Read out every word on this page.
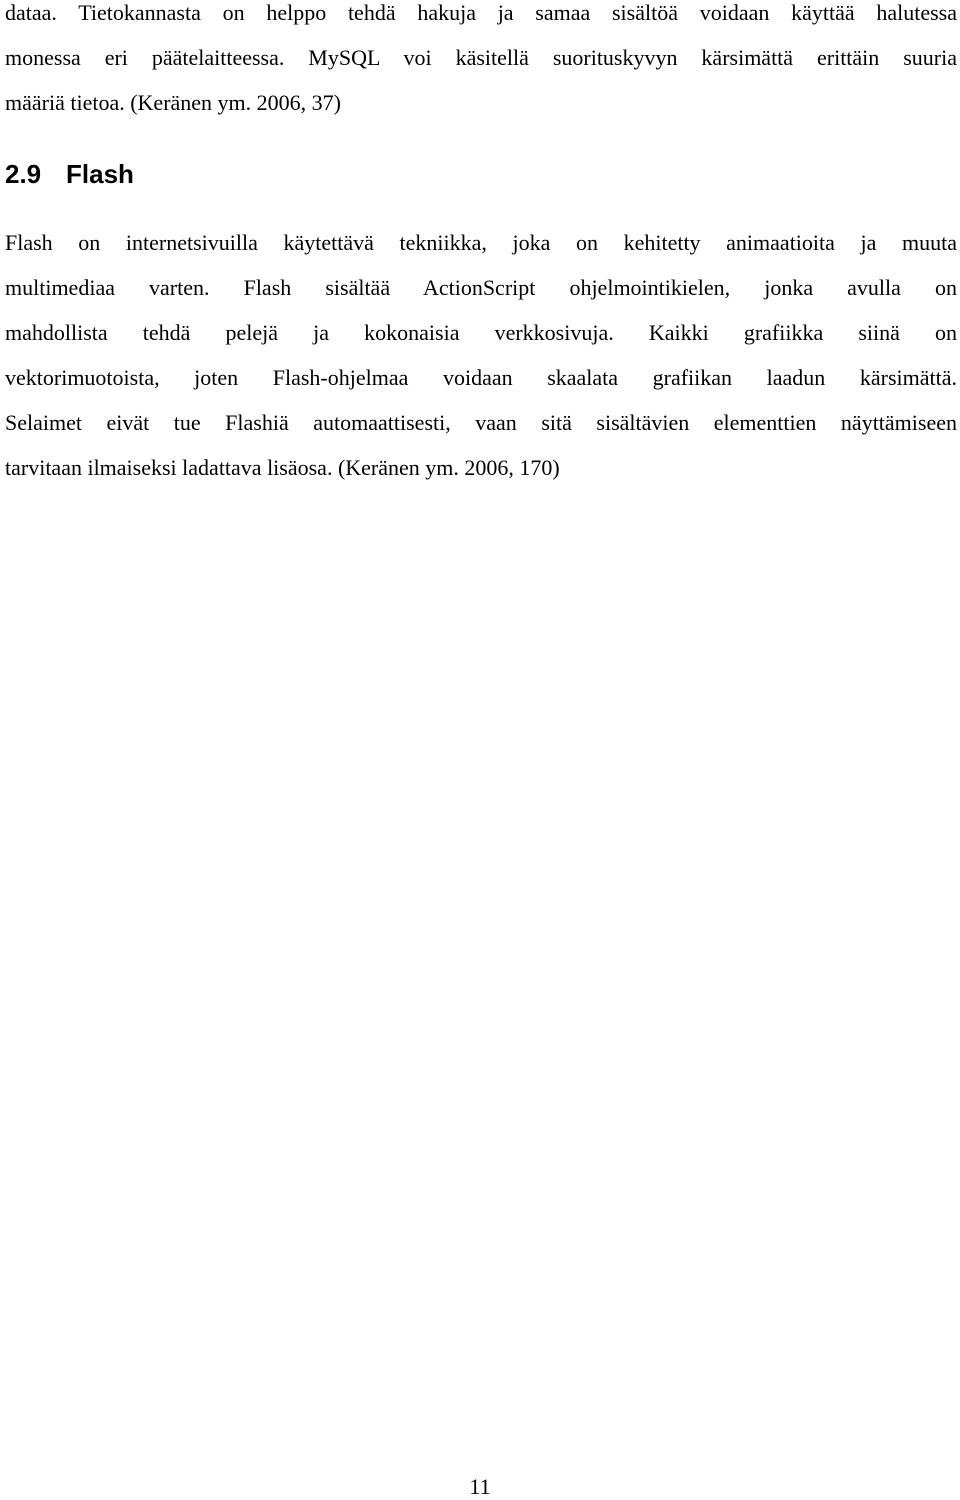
dataa. Tietokannasta on helppo tehdä hakuja ja samaa sisältöä voidaan käyttää halutessa
monessa eri päätelaitteessa. MySQL voi käsitellä suorituskyvyn kärsimättä erittäin suuria
määriä tietoa. (Keränen ym. 2006, 37)

2.9 Flash

Flash on internetsivuilla käytettävä tekniikka, joka on kehitetty animaatioita ja muuta
multimediaa varten. Flash sisältää ActionScript ohjelmointikielen, jonka avulla on
mahdollista tehdä pelejä ja kokonaisia verkkosivuja. Kaikki grafiikka siinä on
vektorimuotoista, joten Flash-ohjelmaa voidaan skaalata grafiikan laadun kärsimättä.
Selaimet eivät tue Flashiä automaattisesti, vaan sitä sisältävien elementtien näyttämiseen
tarvitaan ilmaiseksi ladattava lisäosa. (Keränen ym. 2006, 170)

11
